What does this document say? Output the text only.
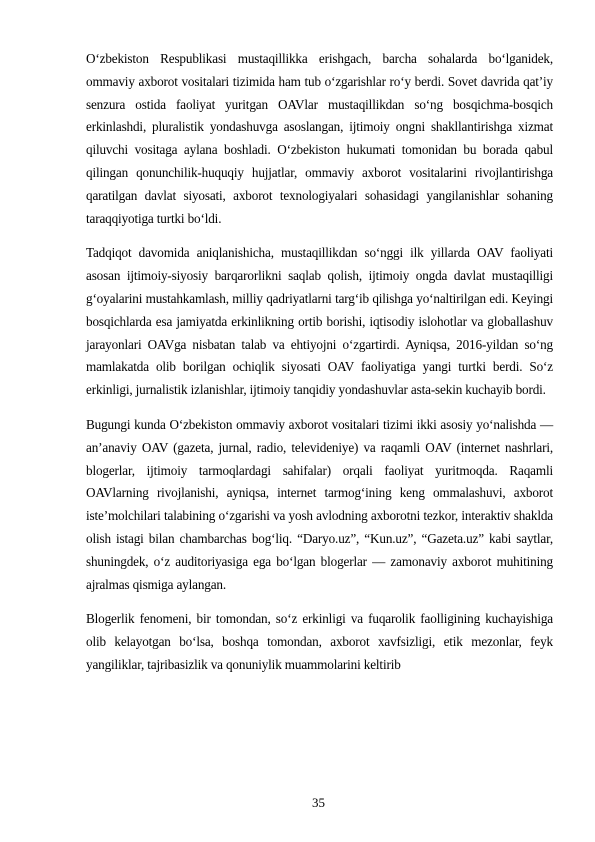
O‘zbekiston Respublikasi mustaqillikka erishgach, barcha sohalarda bo‘lganidek, ommaviy axborot vositalari tizimida ham tub o‘zgarishlar ro‘y berdi. Sovet davrida qat’iy senzura ostida faoliyat yuritgan OAVlar mustaqillikdan so‘ng bosqichma-bosqich erkinlashdi, pluralistik yondashuvga asoslangan, ijtimoiy ongni shakllantirishga xizmat qiluvchi vositaga aylana boshladi. O‘zbekiston hukumati tomonidan bu borada qabul qilingan qonunchilik-huquqiy hujjatlar, ommaviy axborot vositalarini rivojlantirishga qaratilgan davlat siyosati, axborot texnologiyalari sohasidagi yangilanishlar sohaning taraqqiyotiga turtki bo‘ldi.

Tadqiqot davomida aniqlanishicha, mustaqillikdan so‘nggi ilk yillarda OAV faoliyati asosan ijtimoiy-siyosiy barqarorlikni saqlab qolish, ijtimoiy ongda davlat mustaqilligi g‘oyalarini mustahkamlash, milliy qadriyatlarni targ‘ib qilishga yo‘naltirilgan edi. Keyingi bosqichlarda esa jamiyatda erkinlikning ortib borishi, iqtisodiy islohotlar va globallashuv jarayonlari OAVga nisbatan talab va ehtiyojni o‘zgartirdi. Ayniqsa, 2016-yildan so‘ng mamlakatda olib borilgan ochiqlik siyosati OAV faoliyatiga yangi turtki berdi. So‘z erkinligi, jurnalistik izlanishlar, ijtimoiy tanqidiy yondashuvlar asta-sekin kuchayib bordi.

Bugungi kunda O‘zbekiston ommaviy axborot vositalari tizimi ikki asosiy yo‘nalishda — an’anaviy OAV (gazeta, jurnal, radio, televideniye) va raqamli OAV (internet nashrlari, blogerlar, ijtimoiy tarmoqlardagi sahifalar) orqali faoliyat yuritmoqda. Raqamli OAVlarning rivojlanishi, ayniqsa, internet tarmog‘ining keng ommalashuvi, axborot iste’molchilari talabining o‘zgarishi va yosh avlodning axborotni tezkor, interaktiv shaklda olish istagi bilan chambarchas bog‘liq. “Daryo.uz”, “Kun.uz”, “Gazeta.uz” kabi saytlar, shuningdek, o‘z auditoriyasiga ega bo‘lgan blogerlar — zamonaviy axborot muhitining ajralmas qismiga aylangan.

Blogerlik fenomeni, bir tomondan, so‘z erkinligi va fuqarolik faolligining kuchayishiga olib kelayotgan bo‘lsa, boshqa tomondan, axborot xavfsizligi, etik mezonlar, feyk yangiliklar, tajribasizlik va qonuniylik muammolarini keltirib

35
